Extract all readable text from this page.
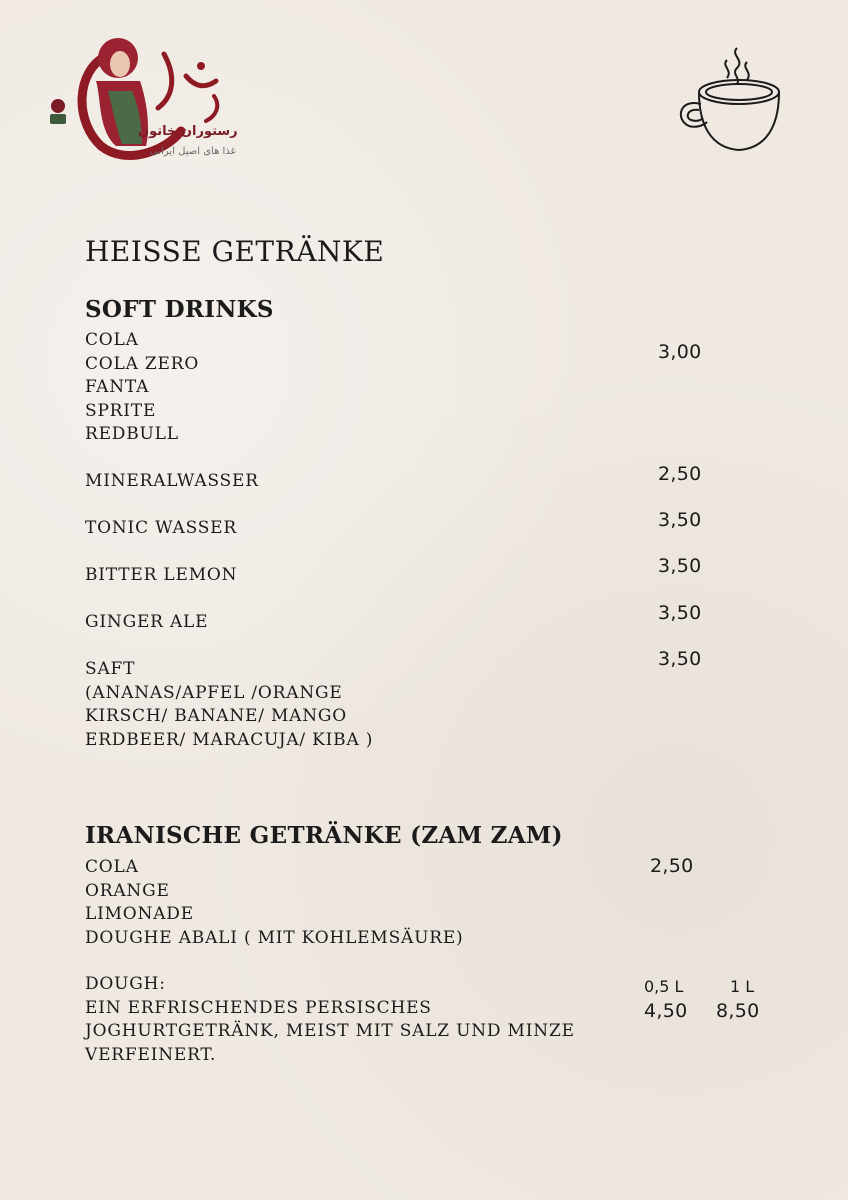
رستوران خاتون
غذا های اصیل ایرانی
HEISSE GETRÄNKE
SOFT DRINKS
COLA
COLA ZERO
FANTA
SPRITE
REDBULL
3,00
MINERALWASSER	2,50
TONIC WASSER	3,50
BITTER LEMON	3,50
GINGER ALE	3,50
SAFT
(ANANAS/APFEL /ORANGE
KIRSCH/ BANANE/ MANGO
ERDBEER/ MARACUJA/ KIBA )
3,50
IRANISCHE GETRÄNKE (ZAM ZAM)
COLA
ORANGE
LIMONADE
DOUGHE ABALI ( MIT KOHLEMSÄURE)
2,50
DOUGH:
EIN ERFRISCHENDES PERSISCHES
JOGHURTGETRÄNK, MEIST MIT SALZ UND MINZE
VERFEINERT.
0,5 L	1 L
4,50 8,50
